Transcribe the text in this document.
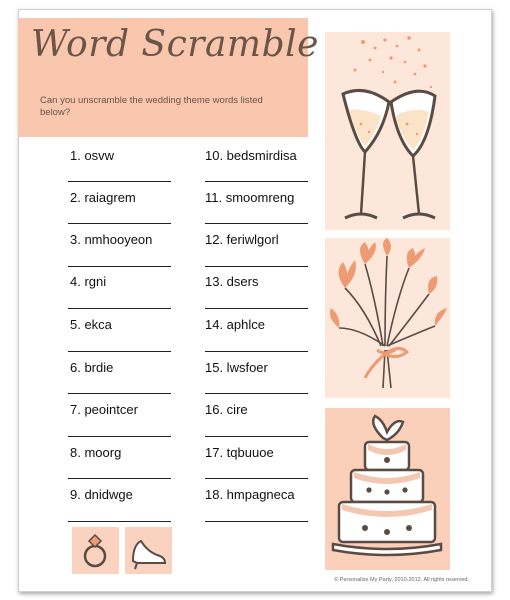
Word Scramble
Can you unscramble the wedding theme words listed below?
1. osvw
2. raiagrem
3. nmhooyeon
4. rgni
5. ekca
6. brdie
7. peointcer
8. moorg
9. dnidwge
10. bedsmirdisa
11. smoomreng
12. feriwlgorl
13. dsers
14. aphlce
15. lwsfoer
16. cire
17. tqbuuoe
18. hmpagneca
© Personalize My Party, 2010-2012. All rights reserved.
